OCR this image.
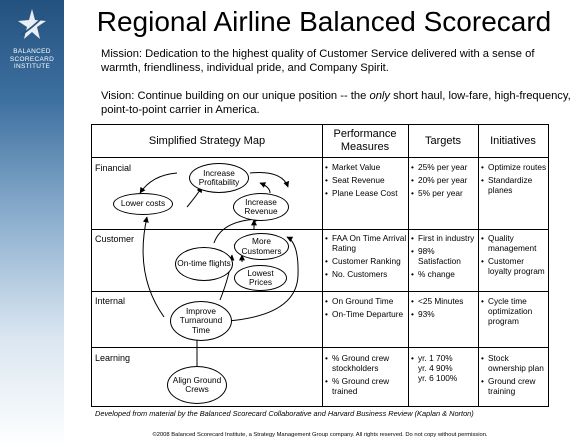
BALANCED
SCORECARD
INSTITUTE
Regional Airline Balanced Scorecard
Mission: Dedication to the highest quality of Customer Service delivered with a sense of warmth, friendliness, individual pride, and Company Spirit.
Vision: Continue building on our unique position -- the only short haul, low-fare, high-frequency, point-to-point carrier in America.
Simplified Strategy Map
Performance Measures
Targets	Initiatives
Financial
Customer
Internal
Learning
Increase Profitability
Lower costs	Increase Revenue
More Customers
On-time flights
Lowest Prices
Improve Turnaround Time
Align Ground Crews
• Market Value
• Seat Revenue
• Plane Lease Cost
• 25% per year
• 20% per year
• 5% per year
• Optimize routes
• Standardize planes
• FAA On Time Arrival Rating
• Customer Ranking
• No. Customers
• First in industry
• 98% Satisfaction
• % change
• Quality management
• Customer loyalty program
• On Ground Time
• On-Time Departure
• <25 Minutes
• 93%
• Cycle time optimization program
• % Ground crew stockholders
• % Ground crew trained
• yr. 1 70%
yr. 4 90%
yr. 6 100%
• Stock ownership plan
• Ground crew training
Developed from material by the Balanced Scorecard Collaborative and Harvard Business Review (Kaplan & Norton)
©2008 Balanced Scorecard Institute, a Strategy Management Group company. All rights reserved. Do not copy without permission.
